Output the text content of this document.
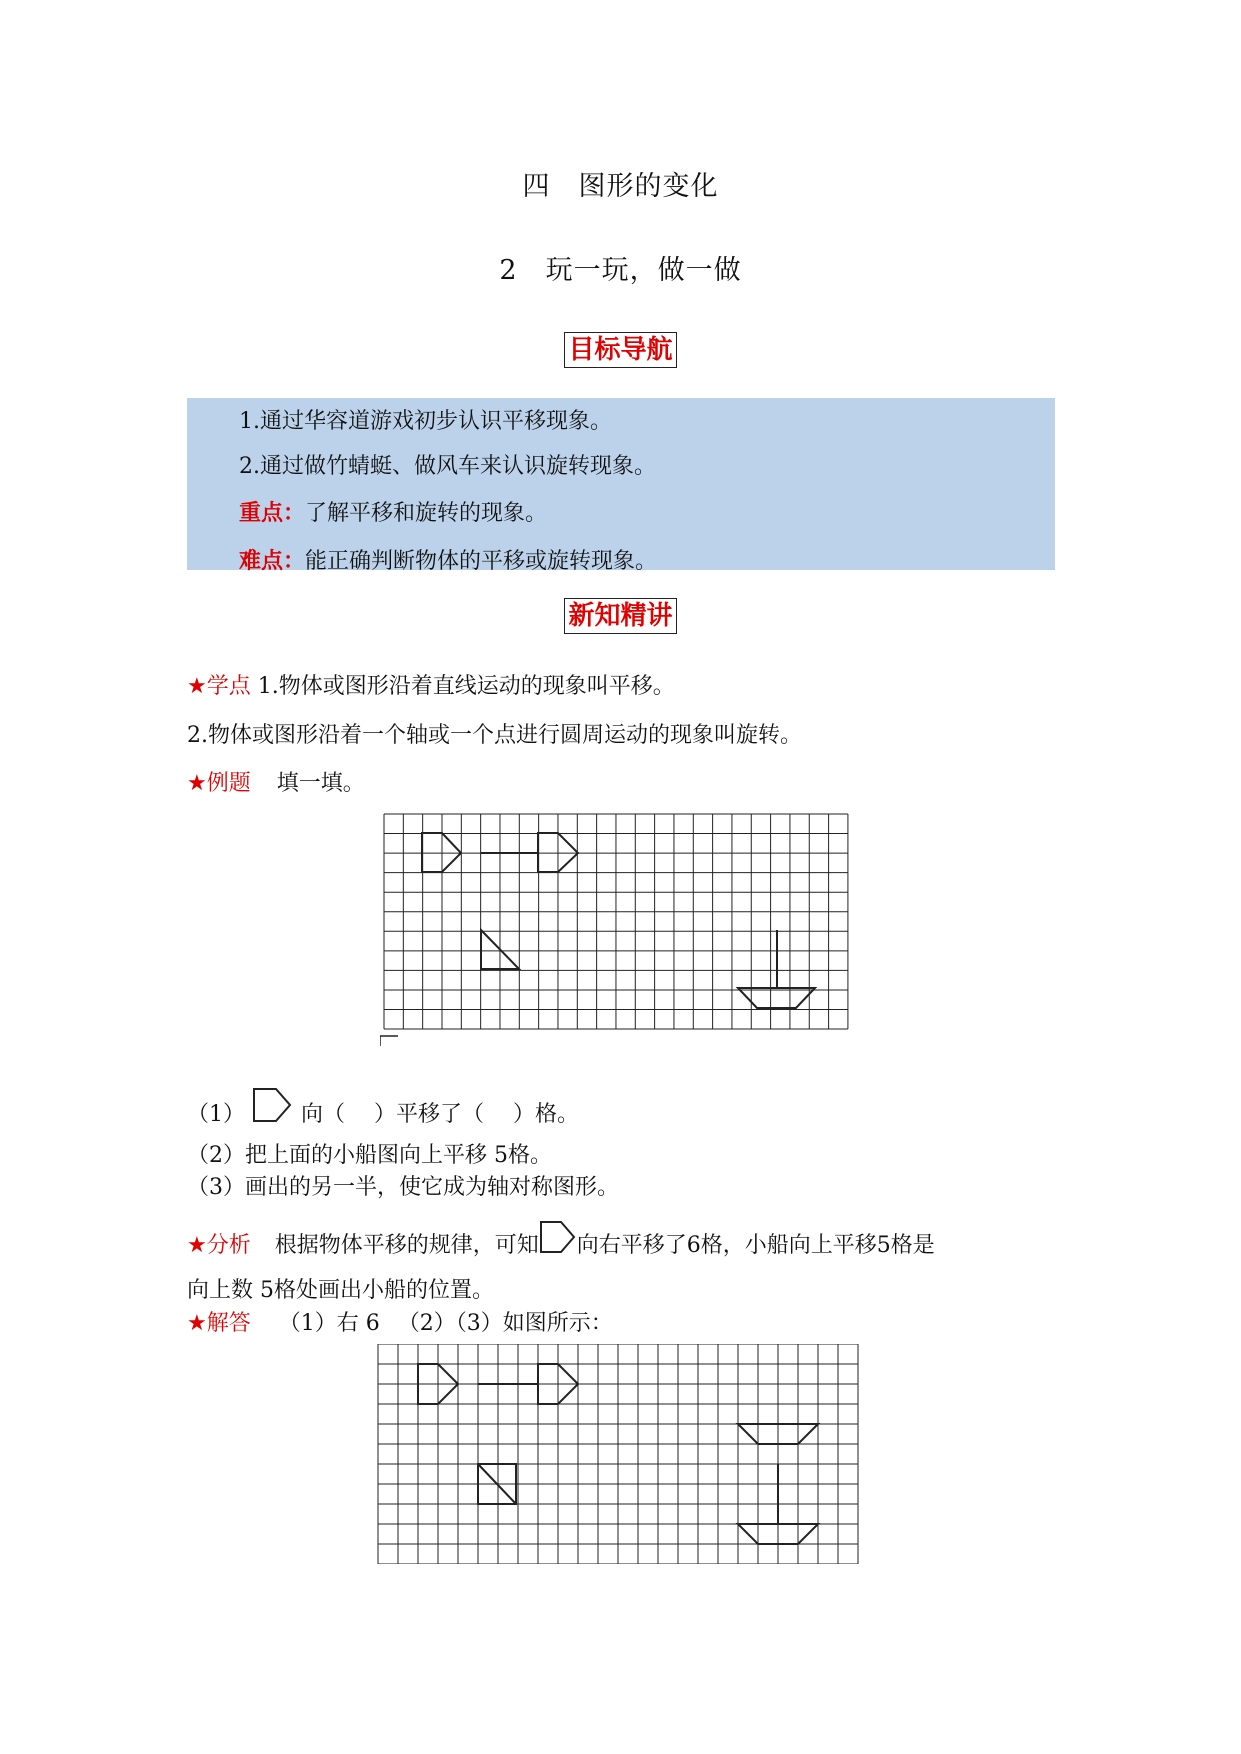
四　图形的变化
2　玩一玩，做一做
目标导航
1.通过华容道游戏初步认识平移现象。
2.通过做竹蜻蜓、做风车来认识旋转现象。
重点：了解平移和旋转的现象。
难点：能正确判断物体的平移或旋转现象。
新知精讲
★学点 1.物体或图形沿着直线运动的现象叫平移。
2.物体或图形沿着一个轴或一个点进行圆周运动的现象叫旋转。
★例题 填一填。
（1）	向（　 ）平移了（　 ）格。
（2）把上面的小船图向上平移 5格。
（3）画出的另一半，使它成为轴对称图形。
★分析 根据物体平移的规律，可知 向右平移了6格，小船向上平移5格是
向上数 5格处画出小船的位置。
★解答 （1）右 6 　（2）（3）如图所示：
